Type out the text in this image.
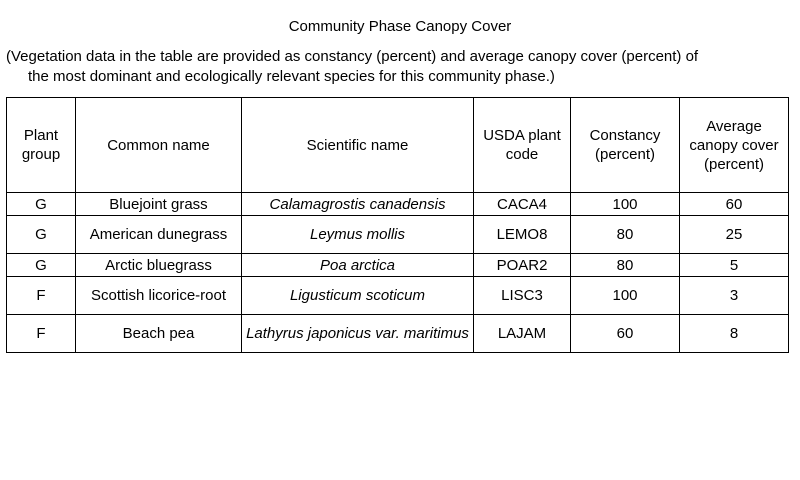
Community Phase Canopy Cover
(Vegetation data in the table are provided as constancy (percent) and average canopy cover (percent) of
the most dominant and ecologically relevant species for this community phase.)
Plant group	Common name	Scientific name	USDA plant code	Constancy (percent)	Average canopy cover (percent)
G	Bluejoint grass	Calamagrostis canadensis	CACA4	100	60
G	American dunegrass	Leymus mollis	LEMO8	80	25
G	Arctic bluegrass	Poa arctica	POAR2	80	5
F	Scottish licorice-root	Ligusticum scoticum	LISC3	100	3
F	Beach pea	Lathyrus japonicus var. maritimus	LAJAM	60	8
